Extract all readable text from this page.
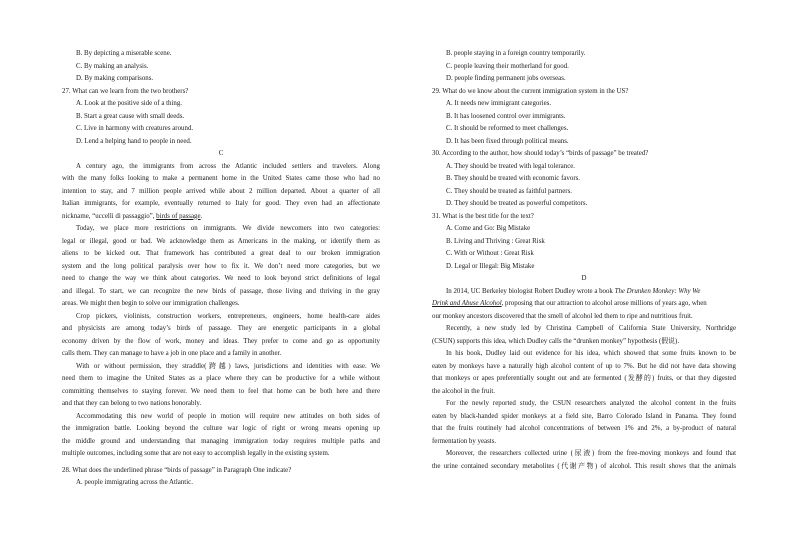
B. By depicting a miserable scene.
C. By making an analysis.
D. By making comparisons.
27. What can we learn from the two brothers?
A. Look at the positive side of a thing.
B. Start a great cause with small deeds.
C. Live in harmony with creatures around.
D. Lend a helping hand to people in need.
C
A century ago, the immigrants from across the Atlantic included settlers and travelers. Along
with the many folks looking to make a permanent home in the United States came those who had no
intention to stay, and 7 million people arrived while about 2 million departed. About a quarter of all
Italian immigrants, for example, eventually returned to Italy for good. They even had an affectionate
nickname, “uccelli di passaggio”, birds of passage.
Today, we place more restrictions on immigrants. We divide newcomers into two categories:
legal or illegal, good or bad. We acknowledge them as Americans in the making, or identify them as
aliens to be kicked out. That framework has contributed a great deal to our broken immigration
system and the long political paralysis over how to fix it. We don’t need more categories, but we
need to change the way we think about categories. We need to look beyond strict definitions of legal
and illegal. To start, we can recognize the new birds of passage, those living and thriving in the gray
areas. We might then begin to solve our immigration challenges.
Crop pickers, violinists, construction workers, entrepreneurs, engineers, home health-care aides
and physicists are among today’s birds of passage. They are energetic participants in a global
economy driven by the flow of work, money and ideas. They prefer to come and go as opportunity
calls them. They can manage to have a job in one place and a family in another.
With or without permission, they straddle(跨越) laws, jurisdictions and identities with ease. We
need them to imagine the United States as a place where they can be productive for a while without
committing themselves to staying forever. We need them to feel that home can be both here and there
and that they can belong to two nations honorably.
Accommodating this new world of people in motion will require new attitudes on both sides of
the immigration battle. Looking beyond the culture war logic of right or wrong means opening up
the middle ground and understanding that managing immigration today requires multiple paths and
multiple outcomes, including some that are not easy to accomplish legally in the existing system.
28. What does the underlined phrase “birds of passage” in Paragraph One indicate?
A. people immigrating across the Atlantic.
B. people staying in a foreign country temporarily.
C. people leaving their motherland for good.
D. people finding permanent jobs overseas.
29. What do we know about the current immigration system in the US?
A. It needs new immigrant categories.
B. It has loosened control over immigrants.
C. It should be reformed to meet challenges.
D. It has been fixed through political means.
30. According to the author, how should today’s “birds of passage” be treated?
A. They should be treated with legal tolerance.
B. They should be treated with economic favors.
C. They should be treated as faithful partners.
D. They should be treated as powerful competitors.
31. What is the best title for the text?
A. Come and Go: Big Mistake
B. Living and Thriving : Great Risk
C. With or Without : Great Risk
D. Legal or Illegal: Big Mistake
D
In 2014, UC Berkeley biologist Robert Dudley wrote a book The Drunken Monkey: Why We
Drink and Abuse Alcohol, proposing that our attraction to alcohol arose millions of years ago, when
our monkey ancestors discovered that the smell of alcohol led them to ripe and nutritious fruit.
Recently, a new study led by Christina Campbell of California State University, Northridge
(CSUN) supports this idea, which Dudley calls the “drunken monkey” hypothesis (假说).
In his book, Dudley laid out evidence for his idea, which showed that some fruits known to be
eaten by monkeys have a naturally high alcohol content of up to 7%. But he did not have data showing
that monkeys or apes preferentially sought out and ate fermented (发酵的) fruits, or that they digested
the alcohol in the fruit.
For the newly reported study, the CSUN researchers analyzed the alcohol content in the fruits
eaten by black-handed spider monkeys at a field site, Barro Colorado Island in Panama. They found
that the fruits routinely had alcohol concentrations of between 1% and 2%, a by-product of natural
fermentation by yeasts.
Moreover, the researchers collected urine (尿液) from the free-moving monkeys and found that
the urine contained secondary metabolites (代谢产物) of alcohol. This result shows that the animals
